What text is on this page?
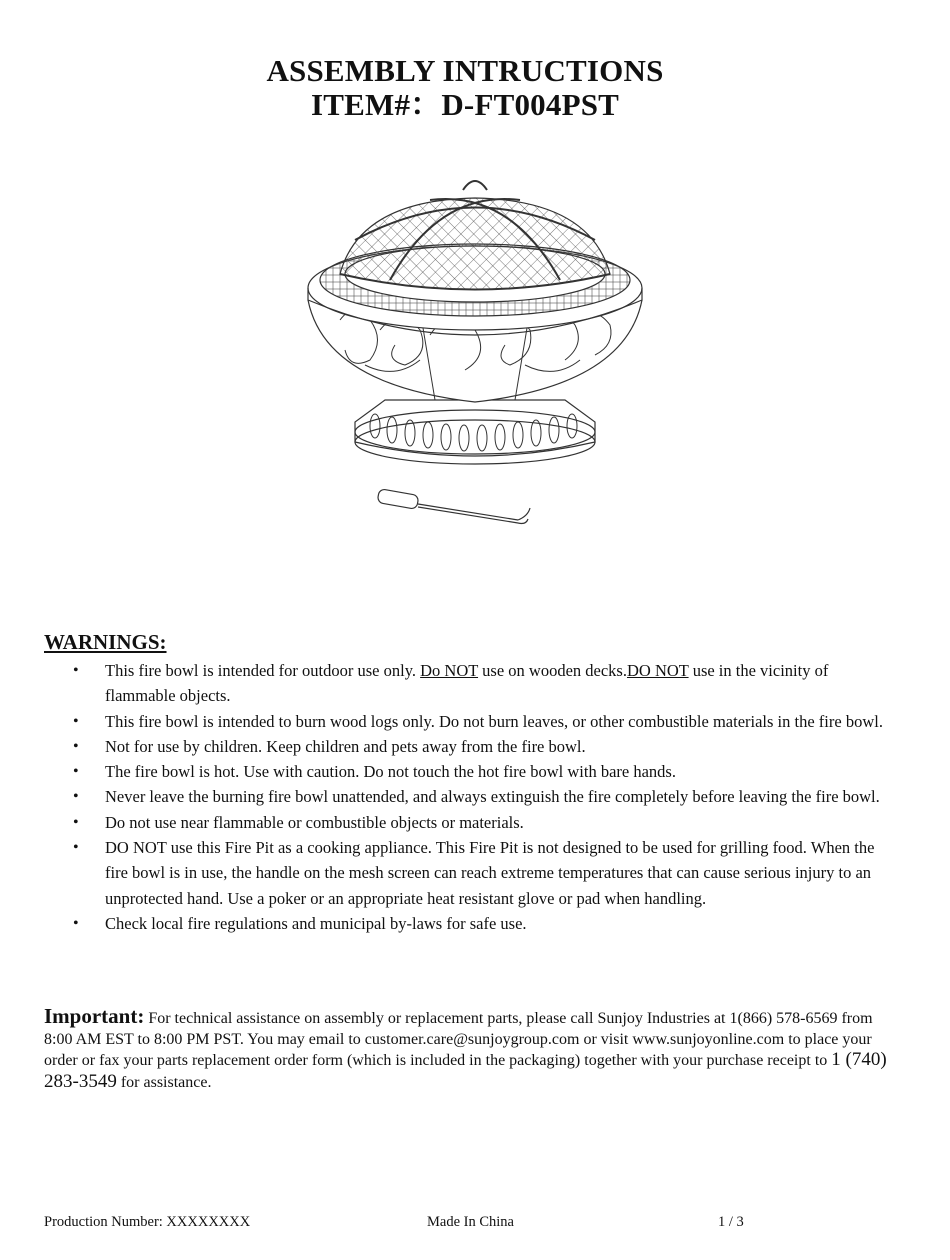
ASSEMBLY INTRUCTIONS
ITEM#：D-FT004PST
WARNINGS:
• This fire bowl is intended for outdoor use only. Do NOT use on wooden decks.DO NOT use in the vicinity of flammable objects.
• This fire bowl is intended to burn wood logs only. Do not burn leaves, or other combustible materials in the fire bowl.
• Not for use by children. Keep children and pets away from the fire bowl.
• The fire bowl is hot. Use with caution. Do not touch the hot fire bowl with bare hands.
• Never leave the burning fire bowl unattended, and always extinguish the fire completely before leaving the fire bowl.
• Do not use near flammable or combustible objects or materials.
• DO NOT use this Fire Pit as a cooking appliance. This Fire Pit is not designed to be used for grilling food. When the fire bowl is in use, the handle on the mesh screen can reach extreme temperatures that can cause serious injury to an unprotected hand. Use a poker or an appropriate heat resistant glove or pad when handling.
• Check local fire regulations and municipal by-laws for safe use.
Important: For technical assistance on assembly or replacement parts, please call Sunjoy Industries at 1(866) 578-6569 from 8:00 AM EST to 8:00 PM PST. You may email to customer.care@sunjoygroup.com or visit www.sunjoyonline.com to place your order or fax your parts replacement order form (which is included in the packaging) together with your purchase receipt to 1 (740) 283-3549 for assistance.
Production Number: XXXXXXXX	Made In China	1 / 3
